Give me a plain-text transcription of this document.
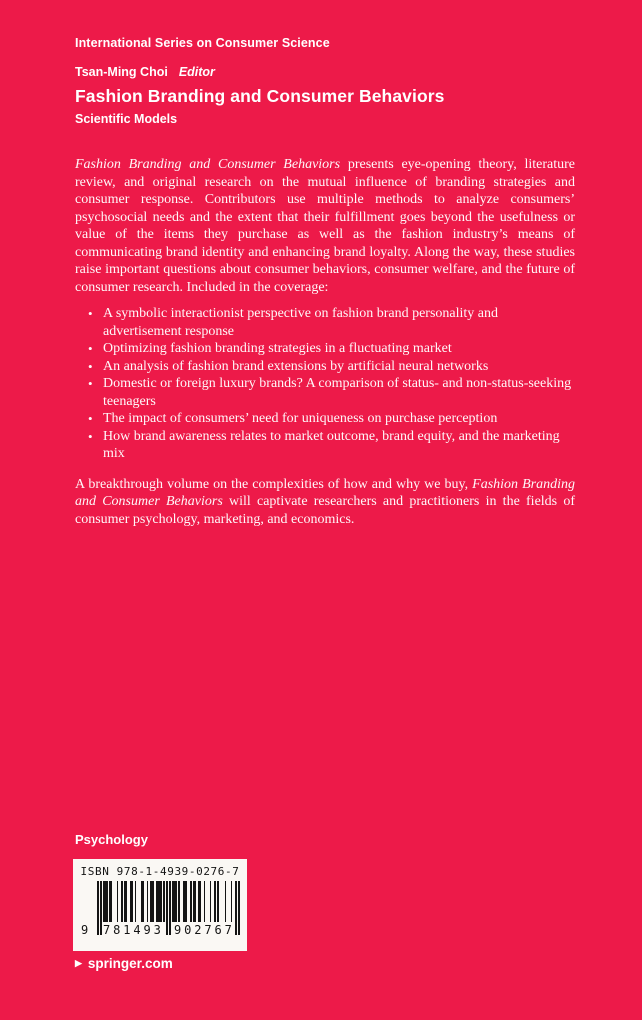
International Series on Consumer Science
Tsan-Ming Choi Editor
Fashion Branding and Consumer Behaviors
Scientific Models

Fashion Branding and Consumer Behaviors presents eye-opening theory, literature review, and original research on the mutual influence of branding strategies and consumer response. Contributors use multiple methods to analyze consumers’ psychosocial needs and the extent that their fulfillment goes beyond the usefulness or value of the items they purchase as well as the fashion industry’s means of communicating brand identity and enhancing brand loyalty. Along the way, these studies raise important questions about consumer behaviors, consumer welfare, and the future of consumer research. Included in the coverage:

• A symbolic interactionist perspective on fashion brand personality and advertisement response
• Optimizing fashion branding strategies in a fluctuating market
• An analysis of fashion brand extensions by artificial neural networks
• Domestic or foreign luxury brands? A comparison of status- and non-status-seeking teenagers
• The impact of consumers’ need for uniqueness on purchase perception
• How brand awareness relates to market outcome, brand equity, and the marketing mix

A breakthrough volume on the complexities of how and why we buy, Fashion Branding and Consumer Behaviors will captivate researchers and practitioners in the fields of consumer psychology, marketing, and economics.

Psychology
ISBN 978-1-4939-0276-7
9 781493 902767
▶ springer.com
